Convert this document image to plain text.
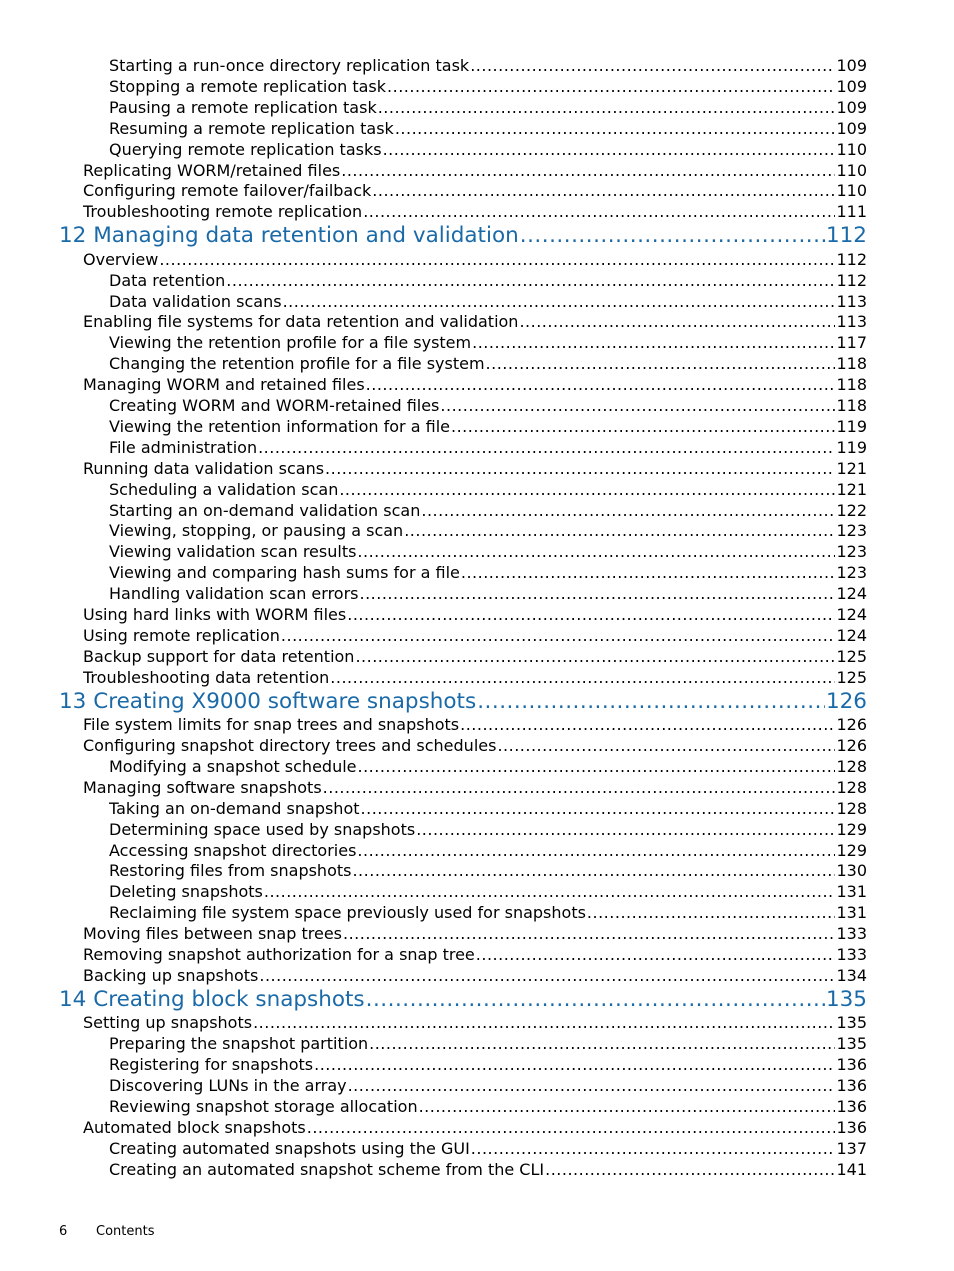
Starting a run-once directory replication task .....	109
Stopping a remote replication task .....	109
Pausing a remote replication task .....	109
Resuming a remote replication task .....	109
Querying remote replication tasks .....	110
Replicating WORM/retained files .....	110
Configuring remote failover/failback .....	110
Troubleshooting remote replication .....	111
12 Managing data retention and validation .....	112
Overview .....	112
Data retention .....	112
Data validation scans .....	113
Enabling file systems for data retention and validation .....	113
Viewing the retention profile for a file system .....	117
Changing the retention profile for a file system .....	118
Managing WORM and retained files .....	118
Creating WORM and WORM-retained files .....	118
Viewing the retention information for a file .....	119
File administration .....	119
Running data validation scans .....	121
Scheduling a validation scan .....	121
Starting an on-demand validation scan .....	122
Viewing, stopping, or pausing a scan .....	123
Viewing validation scan results .....	123
Viewing and comparing hash sums for a file .....	123
Handling validation scan errors .....	124
Using hard links with WORM files .....	124
Using remote replication .....	124
Backup support for data retention .....	125
Troubleshooting data retention .....	125
13 Creating X9000 software snapshots .....	126
File system limits for snap trees and snapshots .....	126
Configuring snapshot directory trees and schedules .....	126
Modifying a snapshot schedule .....	128
Managing software snapshots .....	128
Taking an on-demand snapshot .....	128
Determining space used by snapshots .....	129
Accessing snapshot directories .....	129
Restoring files from snapshots .....	130
Deleting snapshots .....	131
Reclaiming file system space previously used for snapshots .....	131
Moving files between snap trees .....	133
Removing snapshot authorization for a snap tree .....	133
Backing up snapshots .....	134
14 Creating block snapshots .....	135
Setting up snapshots .....	135
Preparing the snapshot partition .....	135
Registering for snapshots .....	136
Discovering LUNs in the array .....	136
Reviewing snapshot storage allocation .....	136
Automated block snapshots .....	136
Creating automated snapshots using the GUI .....	137
Creating an automated snapshot scheme from the CLI .....	141
6 Contents
